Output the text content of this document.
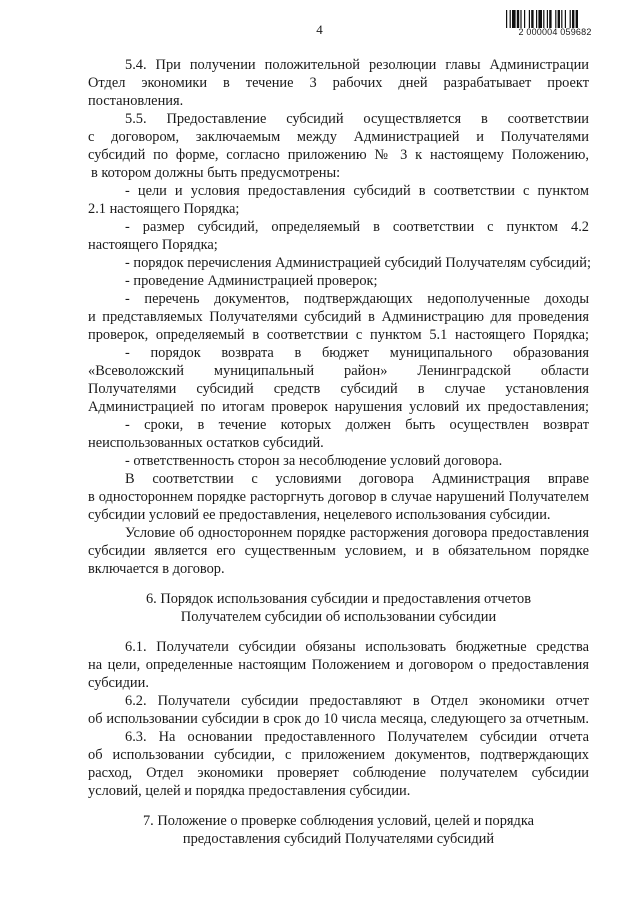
4	2 000004 059682
5.4. При получении положительной резолюции главы Администрации
Отдел экономики в течение 3 рабочих дней разрабатывает проект
постановления.
5.5. Предоставление субсидий осуществляется в соответствии
с договором, заключаемым между Администрацией и Получателями
субсидий по форме, согласно приложению № 3 к настоящему Положению,
в котором должны быть предусмотрены:
- цели и условия предоставления субсидий в соответствии с пунктом
2.1 настоящего Порядка;
- размер субсидий, определяемый в соответствии с пунктом 4.2
настоящего Порядка;
- порядок перечисления Администрацией субсидий Получателям субсидий;
- проведение Администрацией проверок;
- перечень документов, подтверждающих недополученные доходы
и представляемых Получателями субсидий в Администрацию для проведения
проверок, определяемый в соответствии с пунктом 5.1 настоящего Порядка;
- порядок возврата в бюджет муниципального образования
«Всеволожский муниципальный район» Ленинградской области
Получателями субсидий средств субсидий в случае установления
Администрацией по итогам проверок нарушения условий их предоставления;
- сроки, в течение которых должен быть осуществлен возврат
неиспользованных остатков субсидий.
- ответственность сторон за несоблюдение условий договора.
В соответствии с условиями договора Администрация вправе
в одностороннем порядке расторгнуть договор в случае нарушений Получателем
субсидии условий ее предоставления, нецелевого использования субсидии.
Условие об одностороннем порядке расторжения договора предоставления
субсидии является его существенным условием, и в обязательном порядке
включается в договор.
6. Порядок использования субсидии и предоставления отчетов
Получателем субсидии об использовании субсидии
6.1. Получатели субсидии обязаны использовать бюджетные средства
на цели, определенные настоящим Положением и договором о предоставления
субсидии.
6.2. Получатели субсидии предоставляют в Отдел экономики отчет
об использовании субсидии в срок до 10 числа месяца, следующего за отчетным.
6.3. На основании предоставленного Получателем субсидии отчета
об использовании субсидии, с приложением документов, подтверждающих
расход, Отдел экономики проверяет соблюдение получателем субсидии
условий, целей и порядка предоставления субсидии.
7. Положение о проверке соблюдения условий, целей и порядка
предоставления субсидий Получателями субсидий
